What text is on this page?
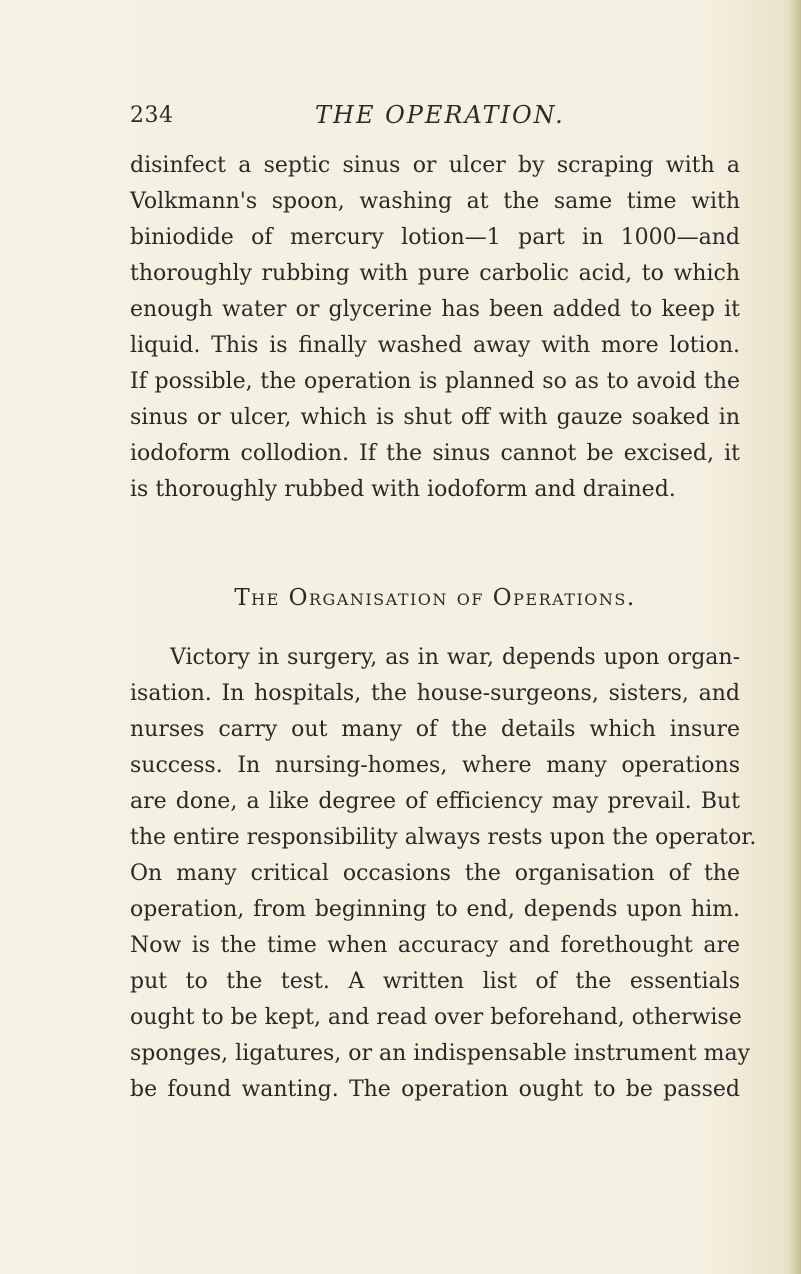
234	THE OPERATION.
disinfect a septic sinus or ulcer by scraping with a
Volkmann's spoon, washing at the same time with
biniodide of mercury lotion—1 part in 1000—and
thoroughly rubbing with pure carbolic acid, to which
enough water or glycerine has been added to keep it
liquid. This is finally washed away with more lotion.
If possible, the operation is planned so as to avoid the
sinus or ulcer, which is shut off with gauze soaked in
iodoform collodion. If the sinus cannot be excised, it
is thoroughly rubbed with iodoform and drained.
The Organisation of Operations.
Victory in surgery, as in war, depends upon organ-
isation. In hospitals, the house-surgeons, sisters, and
nurses carry out many of the details which insure
success. In nursing-homes, where many operations
are done, a like degree of efficiency may prevail. But
the entire responsibility always rests upon the operator.
On many critical occasions the organisation of the
operation, from beginning to end, depends upon him.
Now is the time when accuracy and forethought are
put to the test. A written list of the essentials
ought to be kept, and read over beforehand, otherwise
sponges, ligatures, or an indispensable instrument may
be found wanting. The operation ought to be passed
